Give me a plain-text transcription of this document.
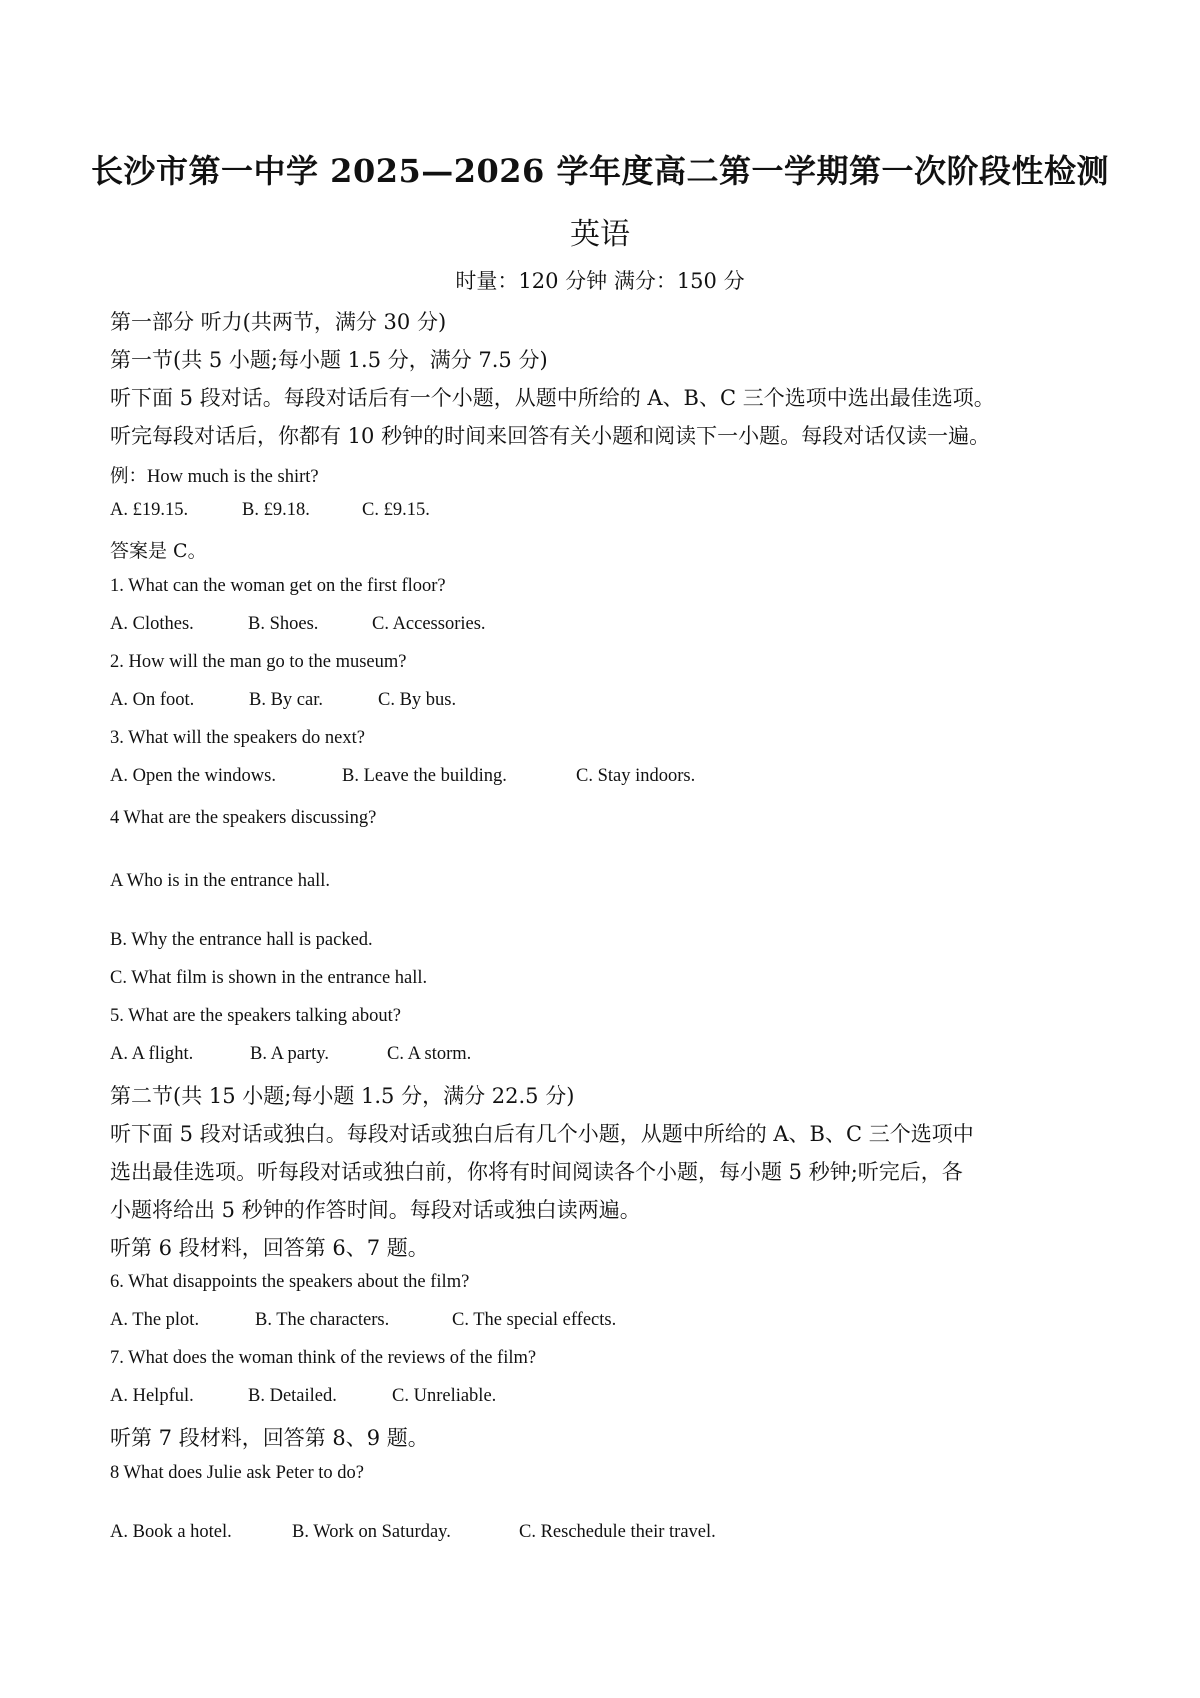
长沙市第一中学 2025—2026 学年度高二第一学期第一次阶段性检测
英语
时量：120 分钟 满分：150 分
第一部分 听力(共两节，满分 30 分)
第一节(共 5 小题;每小题 1.5 分，满分 7.5 分)
听下面 5 段对话。每段对话后有一个小题，从题中所给的 A、B、C 三个选项中选出最佳选项。
听完每段对话后，你都有 10 秒钟的时间来回答有关小题和阅读下一小题。每段对话仅读一遍。
例：How much is the shirt?
A. £19.15.	B. £9.18.	C. £9.15.
答案是 C。
1. What can the woman get on the first floor?
A. Clothes.	B. Shoes.	C. Accessories.
2. How will the man go to the museum?
A. On foot.	B. By car.	C. By bus.
3. What will the speakers do next?
A. Open the windows.	B. Leave the building.	C. Stay indoors.
4 What are the speakers discussing?
A Who is in the entrance hall.
B. Why the entrance hall is packed.
C. What film is shown in the entrance hall.
5. What are the speakers talking about?
A. A flight.	B. A party.	C. A storm.
第二节(共 15 小题;每小题 1.5 分，满分 22.5 分)
听下面 5 段对话或独白。每段对话或独白后有几个小题，从题中所给的 A、B、C 三个选项中
选出最佳选项。听每段对话或独白前，你将有时间阅读各个小题，每小题 5 秒钟;听完后，各
小题将给出 5 秒钟的作答时间。每段对话或独白读两遍。
听第 6 段材料，回答第 6、7 题。
6. What disappoints the speakers about the film?
A. The plot.	B. The characters.	C. The special effects.
7. What does the woman think of the reviews of the film?
A. Helpful.	B. Detailed.	C. Unreliable.
听第 7 段材料，回答第 8、9 题。
8 What does Julie ask Peter to do?
A. Book a hotel.	B. Work on Saturday.	C. Reschedule their travel.
